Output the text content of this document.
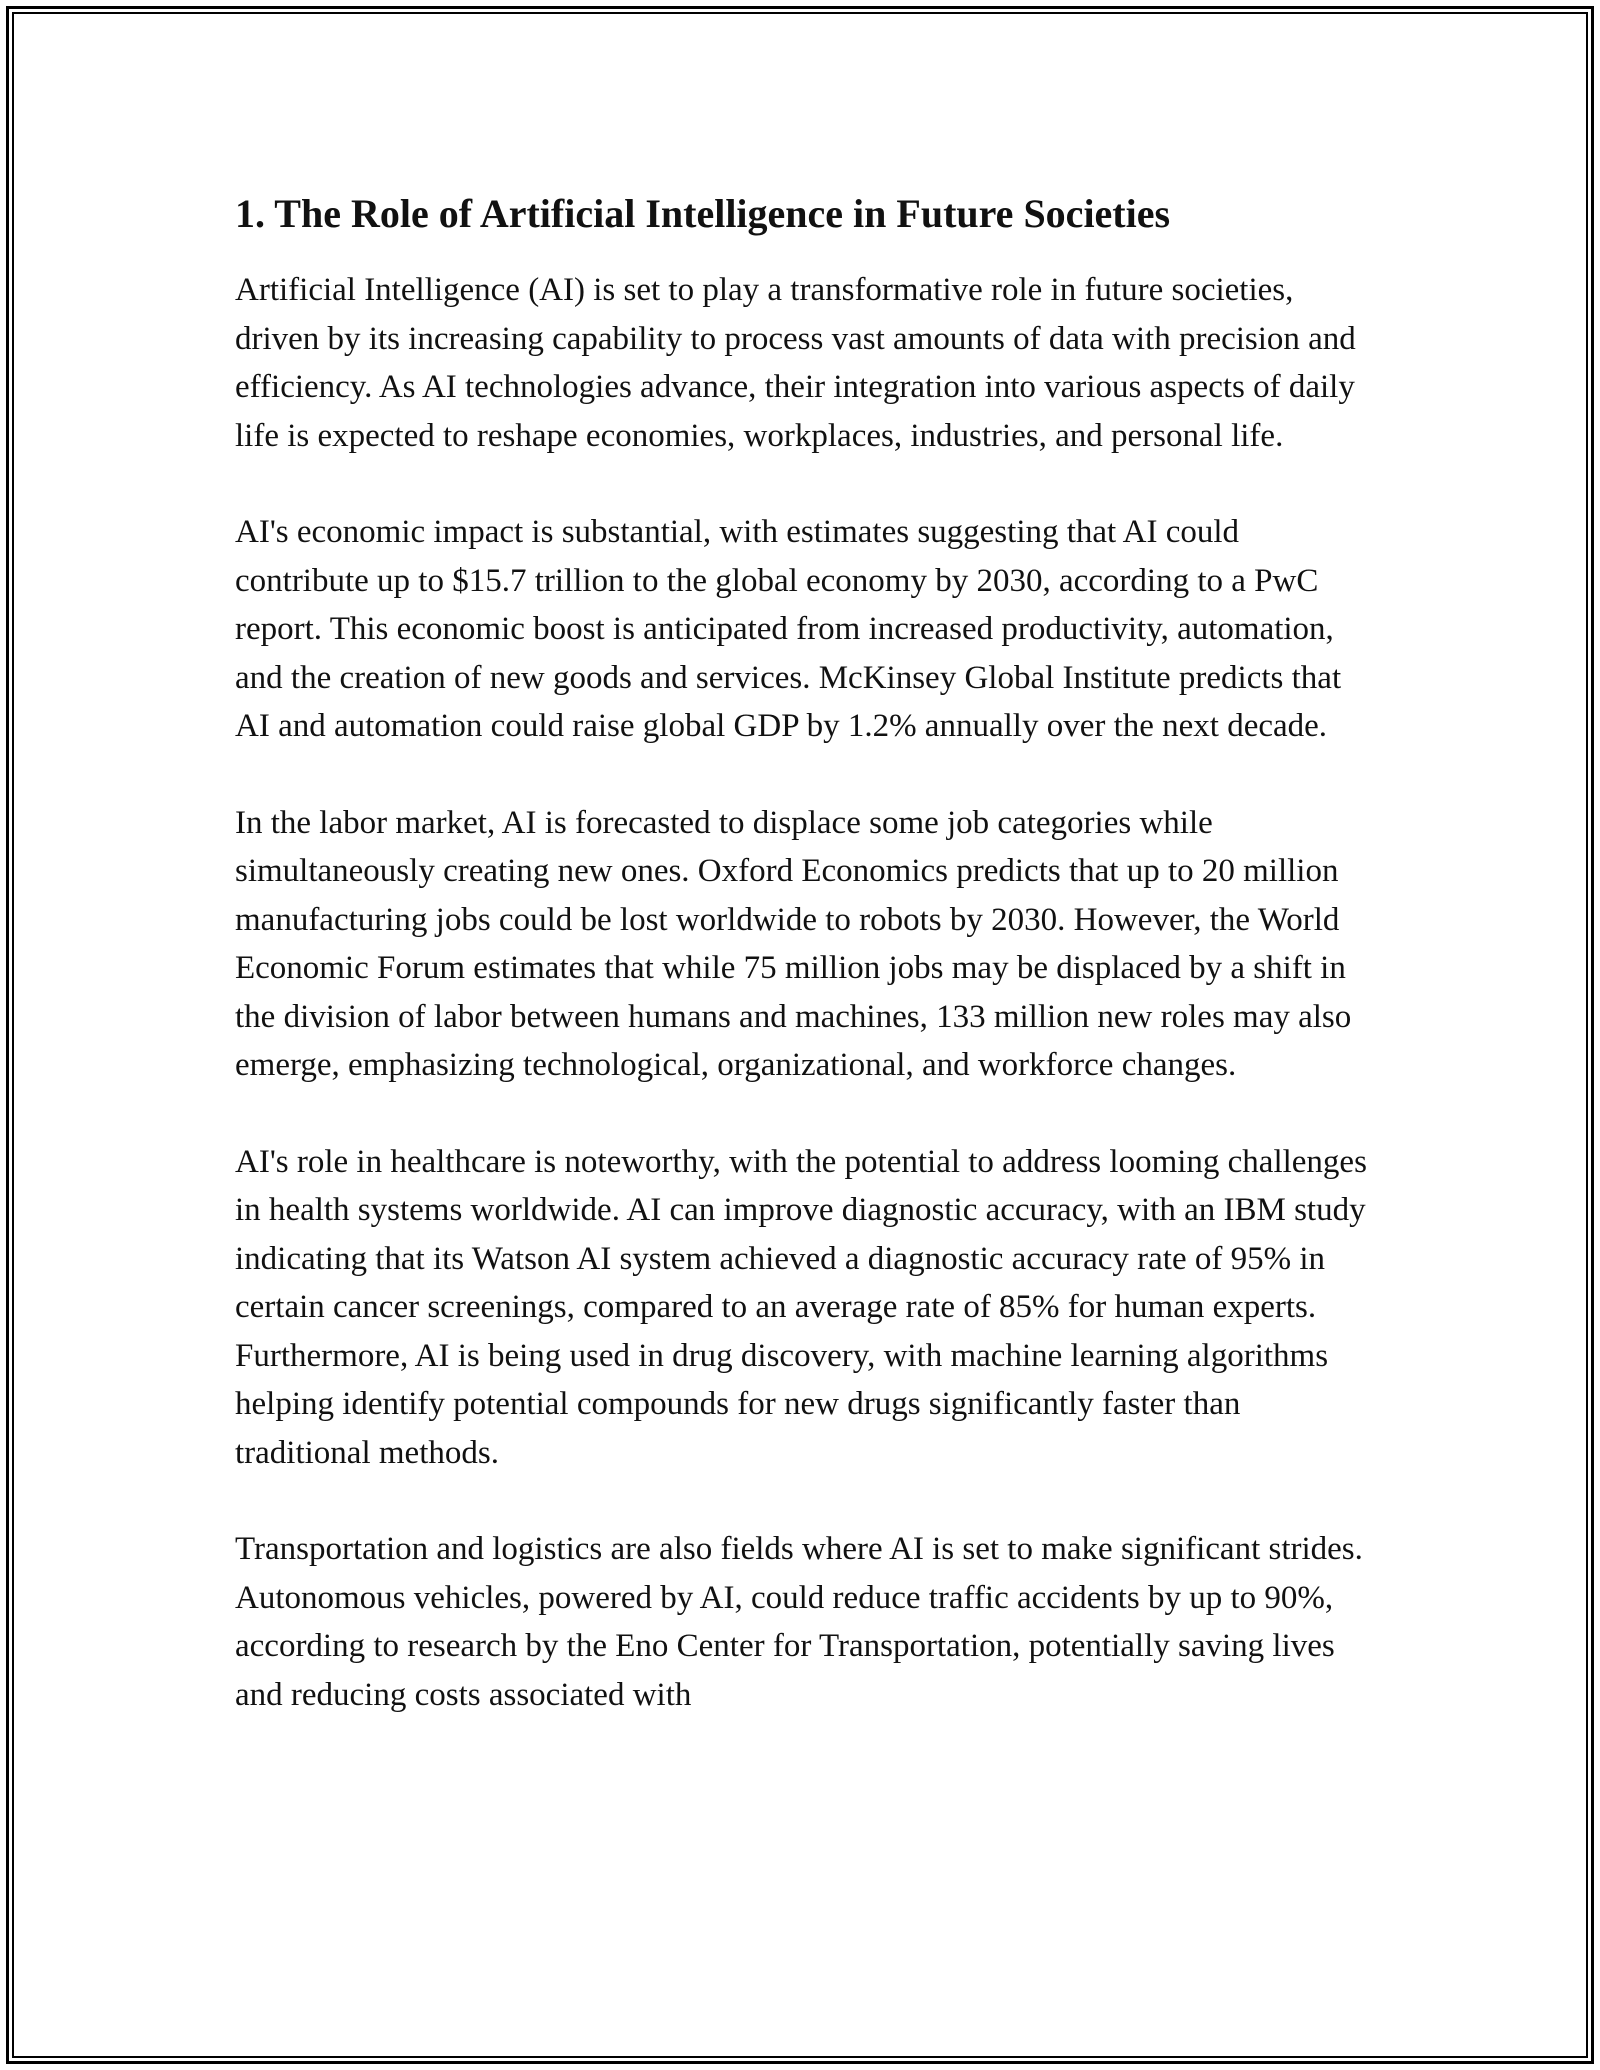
1. The Role of Artificial Intelligence in Future Societies

Artificial Intelligence (AI) is set to play a transformative role in future societies, driven by its increasing capability to process vast amounts of data with precision and efficiency. As AI technologies advance, their integration into various aspects of daily life is expected to reshape economies, workplaces, industries, and personal life.

AI's economic impact is substantial, with estimates suggesting that AI could contribute up to $15.7 trillion to the global economy by 2030, according to a PwC report. This economic boost is anticipated from increased productivity, automation, and the creation of new goods and services. McKinsey Global Institute predicts that AI and automation could raise global GDP by 1.2% annually over the next decade.

In the labor market, AI is forecasted to displace some job categories while simultaneously creating new ones. Oxford Economics predicts that up to 20 million manufacturing jobs could be lost worldwide to robots by 2030. However, the World Economic Forum estimates that while 75 million jobs may be displaced by a shift in the division of labor between humans and machines, 133 million new roles may also emerge, emphasizing technological, organizational, and workforce changes.

AI's role in healthcare is noteworthy, with the potential to address looming challenges in health systems worldwide. AI can improve diagnostic accuracy, with an IBM study indicating that its Watson AI system achieved a diagnostic accuracy rate of 95% in certain cancer screenings, compared to an average rate of 85% for human experts. Furthermore, AI is being used in drug discovery, with machine learning algorithms helping identify potential compounds for new drugs significantly faster than traditional methods.

Transportation and logistics are also fields where AI is set to make significant strides. Autonomous vehicles, powered by AI, could reduce traffic accidents by up to 90%, according to research by the Eno Center for Transportation, potentially saving lives and reducing costs associated with
